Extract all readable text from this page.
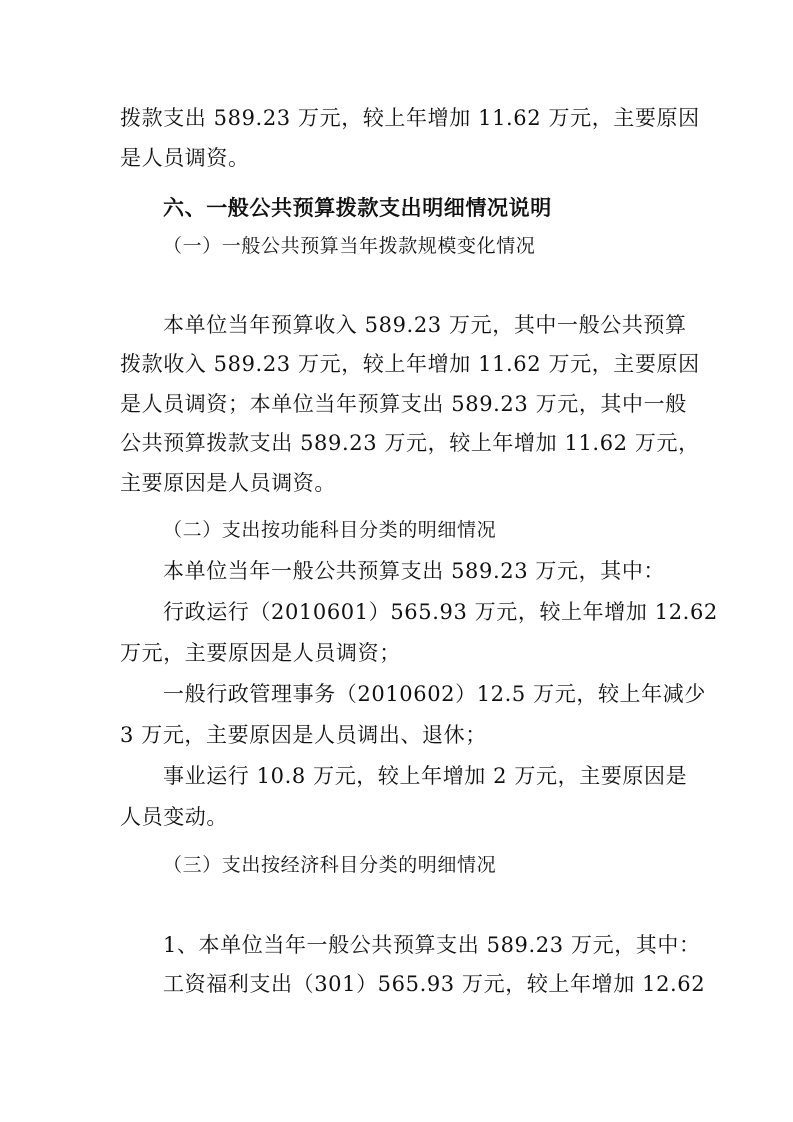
拨款支出 589.23 万元，较上年增加 11.62 万元，主要原因
是人员调资。
六、一般公共预算拨款支出明细情况说明
（一）一般公共预算当年拨款规模变化情况
本单位当年预算收入 589.23 万元，其中一般公共预算
拨款收入 589.23 万元，较上年增加 11.62 万元，主要原因
是人员调资；本单位当年预算支出 589.23 万元，其中一般
公共预算拨款支出 589.23 万元，较上年增加 11.62 万元，
主要原因是人员调资。
（二）支出按功能科目分类的明细情况
本单位当年一般公共预算支出 589.23 万元，其中：
行政运行（2010601）565.93 万元，较上年增加 12.62
万元，主要原因是人员调资；
一般行政管理事务（2010602）12.5 万元，较上年减少
3 万元，主要原因是人员调出、退休；
事业运行 10.8 万元，较上年增加 2 万元，主要原因是
人员变动。
（三）支出按经济科目分类的明细情况
1、本单位当年一般公共预算支出 589.23 万元，其中：
工资福利支出（301）565.93 万元，较上年增加 12.62
